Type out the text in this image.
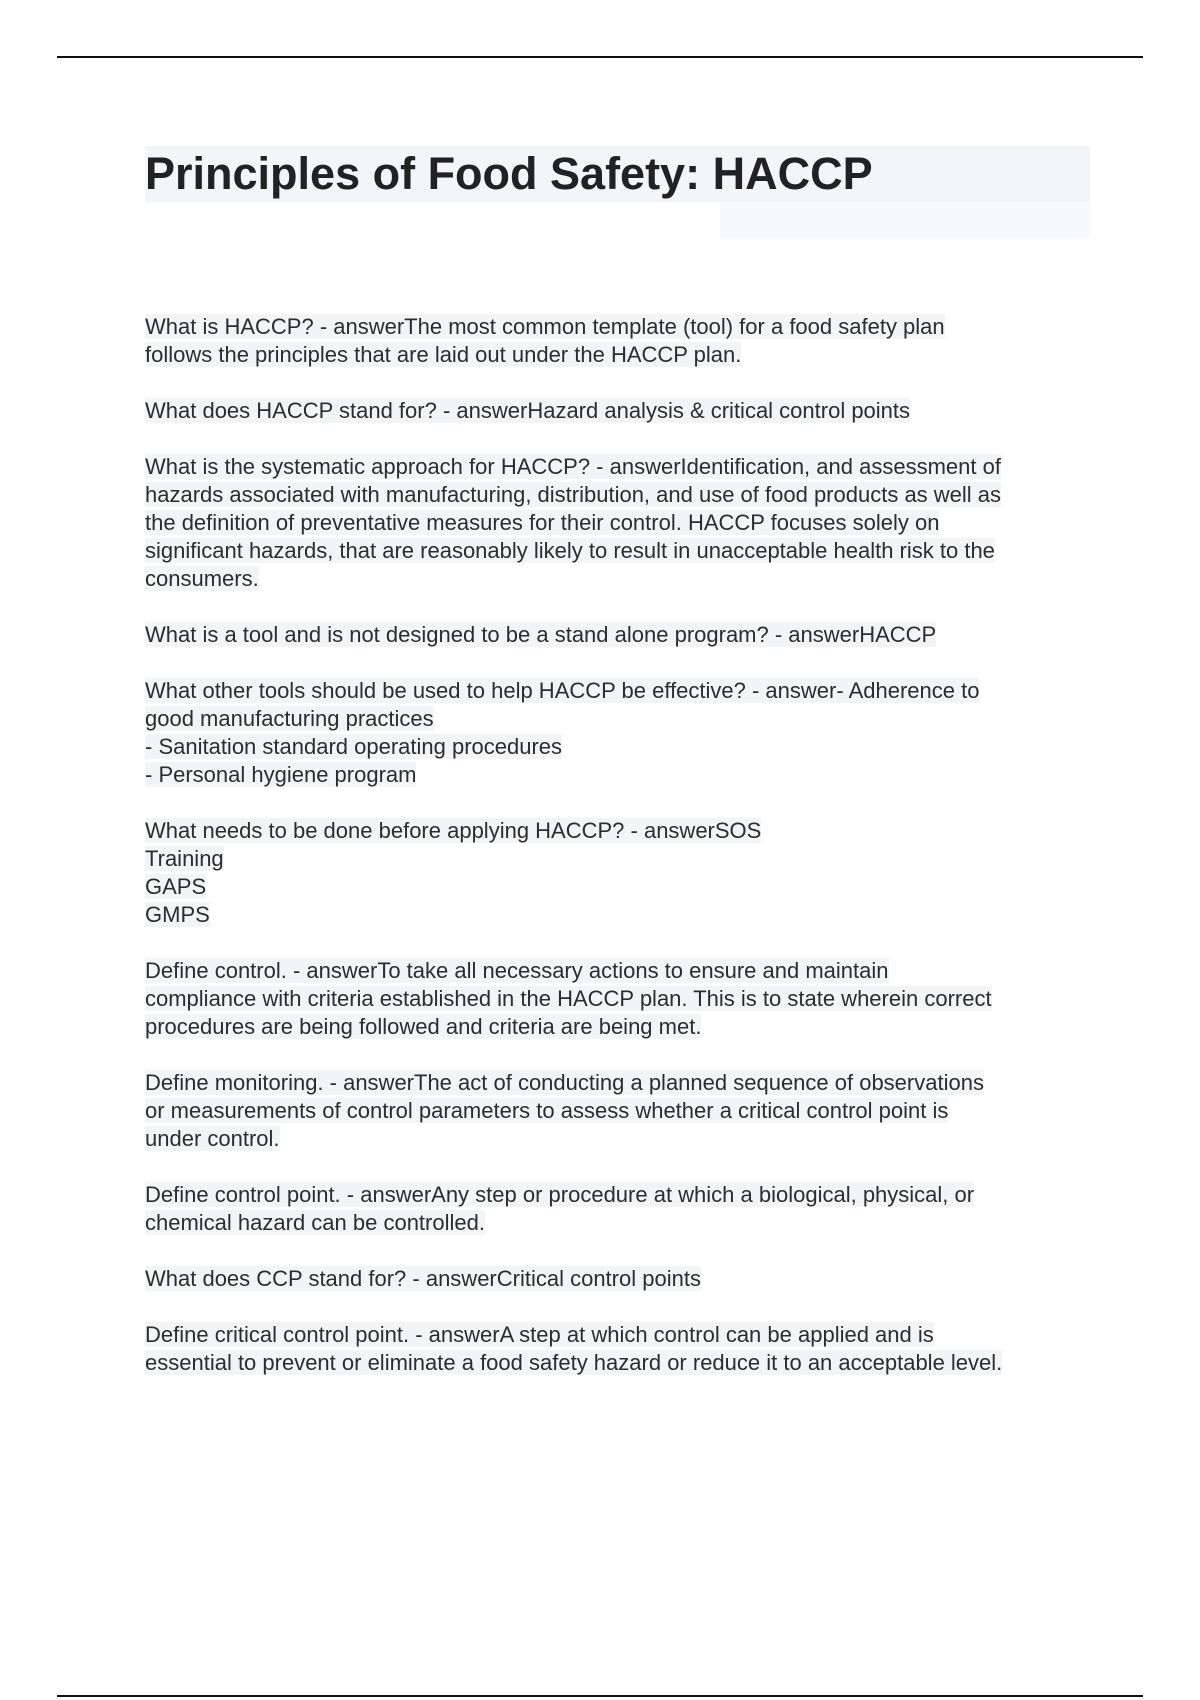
Principles of Food Safety: HACCP
What is HACCP? - answerThe most common template (tool) for a food safety plan
follows the principles that are laid out under the HACCP plan.
What does HACCP stand for? - answerHazard analysis & critical control points
What is the systematic approach for HACCP? - answerIdentification, and assessment of
hazards associated with manufacturing, distribution, and use of food products as well as
the definition of preventative measures for their control. HACCP focuses solely on
significant hazards, that are reasonably likely to result in unacceptable health risk to the
consumers.
What is a tool and is not designed to be a stand alone program? - answerHACCP
What other tools should be used to help HACCP be effective? - answer- Adherence to
good manufacturing practices
- Sanitation standard operating procedures
- Personal hygiene program
What needs to be done before applying HACCP? - answerSOS
Training
GAPS
GMPS
Define control. - answerTo take all necessary actions to ensure and maintain
compliance with criteria established in the HACCP plan. This is to state wherein correct
procedures are being followed and criteria are being met.
Define monitoring. - answerThe act of conducting a planned sequence of observations
or measurements of control parameters to assess whether a critical control point is
under control.
Define control point. - answerAny step or procedure at which a biological, physical, or
chemical hazard can be controlled.
What does CCP stand for? - answerCritical control points
Define critical control point. - answerA step at which control can be applied and is
essential to prevent or eliminate a food safety hazard or reduce it to an acceptable level.
